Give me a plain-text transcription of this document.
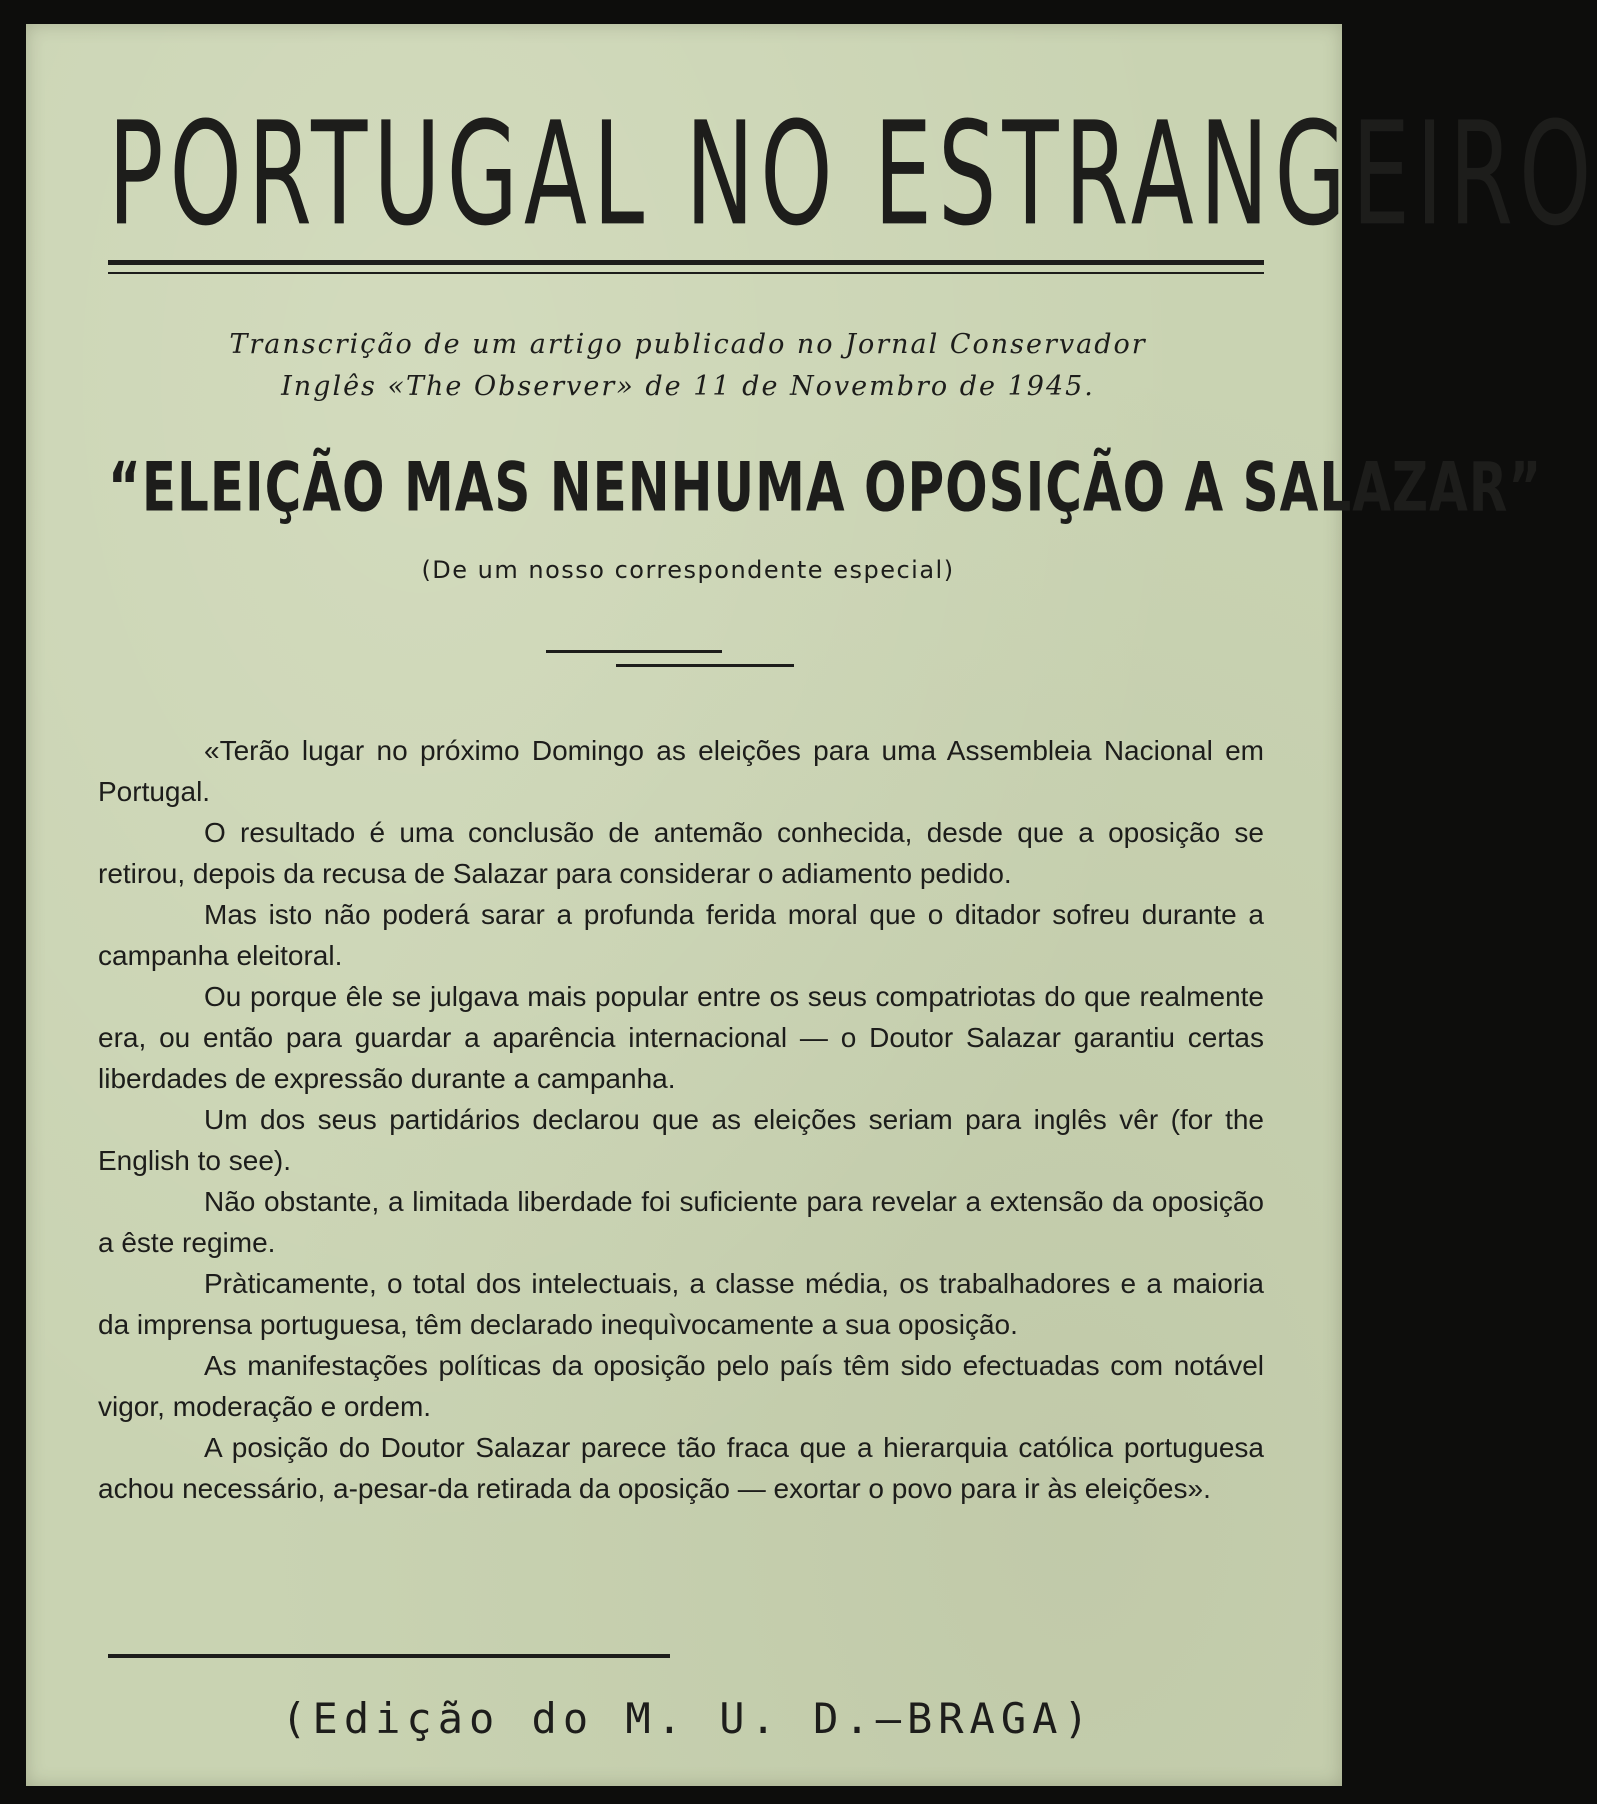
PORTUGAL NO ESTRANGEIRO
Transcrição de um artigo publicado no Jornal Conservador
Inglês «The Observer» de 11 de Novembro de 1945.
“ELEIÇÃO MAS NENHUMA OPOSIÇÃO A SALAZAR”
(De um nosso correspondente especial)

«Terão lugar no próximo Domingo as eleições para uma Assembleia Nacional em Portugal.

O resultado é uma conclusão de antemão conhecida, desde que a oposição se retirou, depois da recusa de Salazar para considerar o adiamento pedido.

Mas isto não poderá sarar a profunda ferida moral que o ditador sofreu durante a campanha eleitoral.

Ou porque êle se julgava mais popular entre os seus compatriotas do que realmente era, ou então para guardar a aparência internacional — o Doutor Salazar garantiu certas liberdades de expressão durante a campanha.

Um dos seus partidários declarou que as eleições seriam para inglês vêr (for the English to see).

Não obstante, a limitada liberdade foi suficiente para revelar a extensão da oposição a êste regime.

Pràticamente, o total dos intelectuais, a classe média, os trabalhadores e a maioria da imprensa portuguesa, têm declarado inequìvocamente a sua oposição.

As manifestações políticas da oposição pelo país têm sido efectuadas com notável vigor, moderação e ordem.

A posição do Doutor Salazar parece tão fraca que a hierarquia católica portuguesa achou necessário, a-pesar-da retirada da oposição — exortar o povo para ir às eleições».

(Edição do M. U. D.—BRAGA)
